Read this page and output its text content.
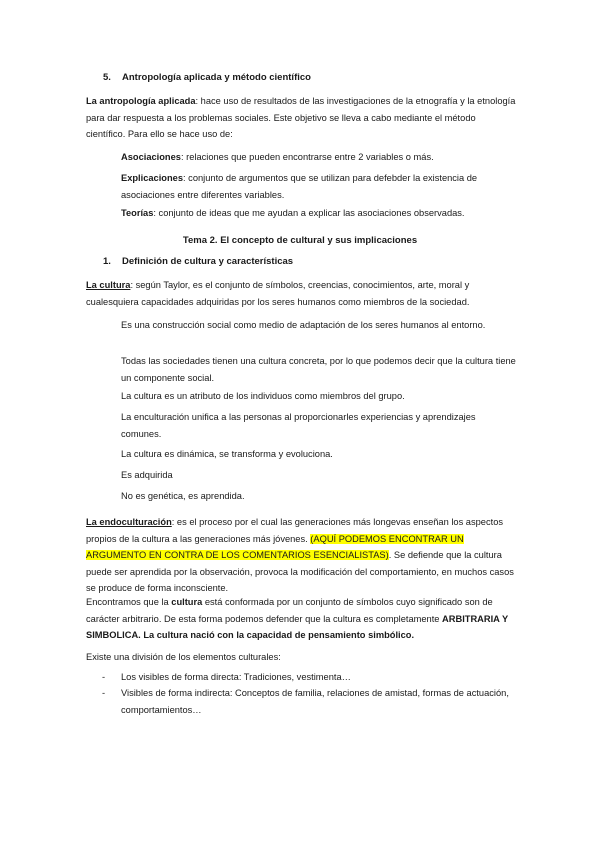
5. Antropología aplicada y método científico
La antropología aplicada: hace uso de resultados de las investigaciones de la etnografía y la etnología para dar respuesta a los problemas sociales. Este objetivo se lleva a cabo mediante el método científico. Para ello se hace uso de:
Asociaciones: relaciones que pueden encontrarse entre 2 variables o más.
Explicaciones: conjunto de argumentos que se utilizan para defebder la existencia de asociaciones entre diferentes variables.
Teorías: conjunto de ideas que me ayudan a explicar las asociaciones observadas.
Tema 2. El concepto de cultural y sus implicaciones
1. Definición de cultura y características
La cultura: según Taylor, es el conjunto de símbolos, creencias, conocimientos, arte, moral y cualesquiera capacidades adquiridas por los seres humanos como miembros de la sociedad.
Es una construcción social como medio de adaptación de los seres humanos al entorno.
Todas las sociedades tienen una cultura concreta, por lo que podemos decir que la cultura tiene un componente social.
La cultura es un atributo de los individuos como miembros del grupo.
La enculturación unifica a las personas al proporcionarles experiencias y aprendizajes comunes.
La cultura es dinámica, se transforma y evoluciona.
Es adquirida
No es genética, es aprendida.
La endoculturación: es el proceso por el cual las generaciones más longevas enseñan los aspectos propios de la cultura a las generaciones más jóvenes. (AQUÍ PODEMOS ENCONTRAR UN ARGUMENTO EN CONTRA DE LOS COMENTARIOS ESENCIALISTAS). Se defiende que la cultura puede ser aprendida por la observación, provoca la modificación del comportamiento, en muchos casos se produce de forma inconsciente.
Encontramos que la cultura está conformada por un conjunto de símbolos cuyo significado son de carácter arbitrario. De esta forma podemos defender que la cultura es completamente ARBITRARIA Y SIMBOLICA. La cultura nació con la capacidad de pensamiento simbólico.
Existe una división de los elementos culturales:
-	Los visibles de forma directa: Tradiciones, vestimenta…
-	Visibles de forma indirecta: Conceptos de familia, relaciones de amistad, formas de actuación, comportamientos…
